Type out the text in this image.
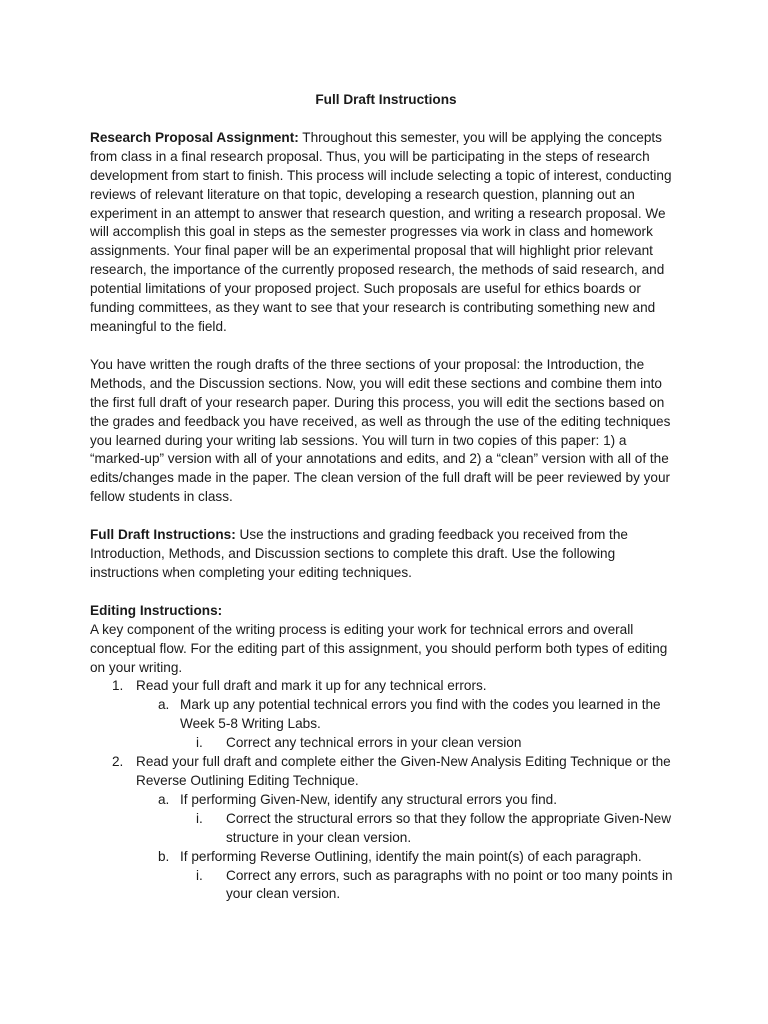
Full Draft Instructions

Research Proposal Assignment: Throughout this semester, you will be applying the concepts from class in a final research proposal. Thus, you will be participating in the steps of research development from start to finish. This process will include selecting a topic of interest, conducting reviews of relevant literature on that topic, developing a research question, planning out an experiment in an attempt to answer that research question, and writing a research proposal. We will accomplish this goal in steps as the semester progresses via work in class and homework assignments. Your final paper will be an experimental proposal that will highlight prior relevant research, the importance of the currently proposed research, the methods of said research, and potential limitations of your proposed project. Such proposals are useful for ethics boards or funding committees, as they want to see that your research is contributing something new and meaningful to the field.

You have written the rough drafts of the three sections of your proposal: the Introduction, the Methods, and the Discussion sections. Now, you will edit these sections and combine them into the first full draft of your research paper. During this process, you will edit the sections based on the grades and feedback you have received, as well as through the use of the editing techniques you learned during your writing lab sessions. You will turn in two copies of this paper: 1) a “marked-up” version with all of your annotations and edits, and 2) a “clean” version with all of the edits/changes made in the paper. The clean version of the full draft will be peer reviewed by your fellow students in class.

Full Draft Instructions: Use the instructions and grading feedback you received from the Introduction, Methods, and Discussion sections to complete this draft. Use the following instructions when completing your editing techniques.

Editing Instructions:
A key component of the writing process is editing your work for technical errors and overall conceptual flow. For the editing part of this assignment, you should perform both types of editing on your writing.
1. Read your full draft and mark it up for any technical errors.
a. Mark up any potential technical errors you find with the codes you learned in the Week 5-8 Writing Labs.
i. Correct any technical errors in your clean version
2. Read your full draft and complete either the Given-New Analysis Editing Technique or the Reverse Outlining Editing Technique.
a. If performing Given-New, identify any structural errors you find.
i. Correct the structural errors so that they follow the appropriate Given-New structure in your clean version.
b. If performing Reverse Outlining, identify the main point(s) of each paragraph.
i. Correct any errors, such as paragraphs with no point or too many points in your clean version.
